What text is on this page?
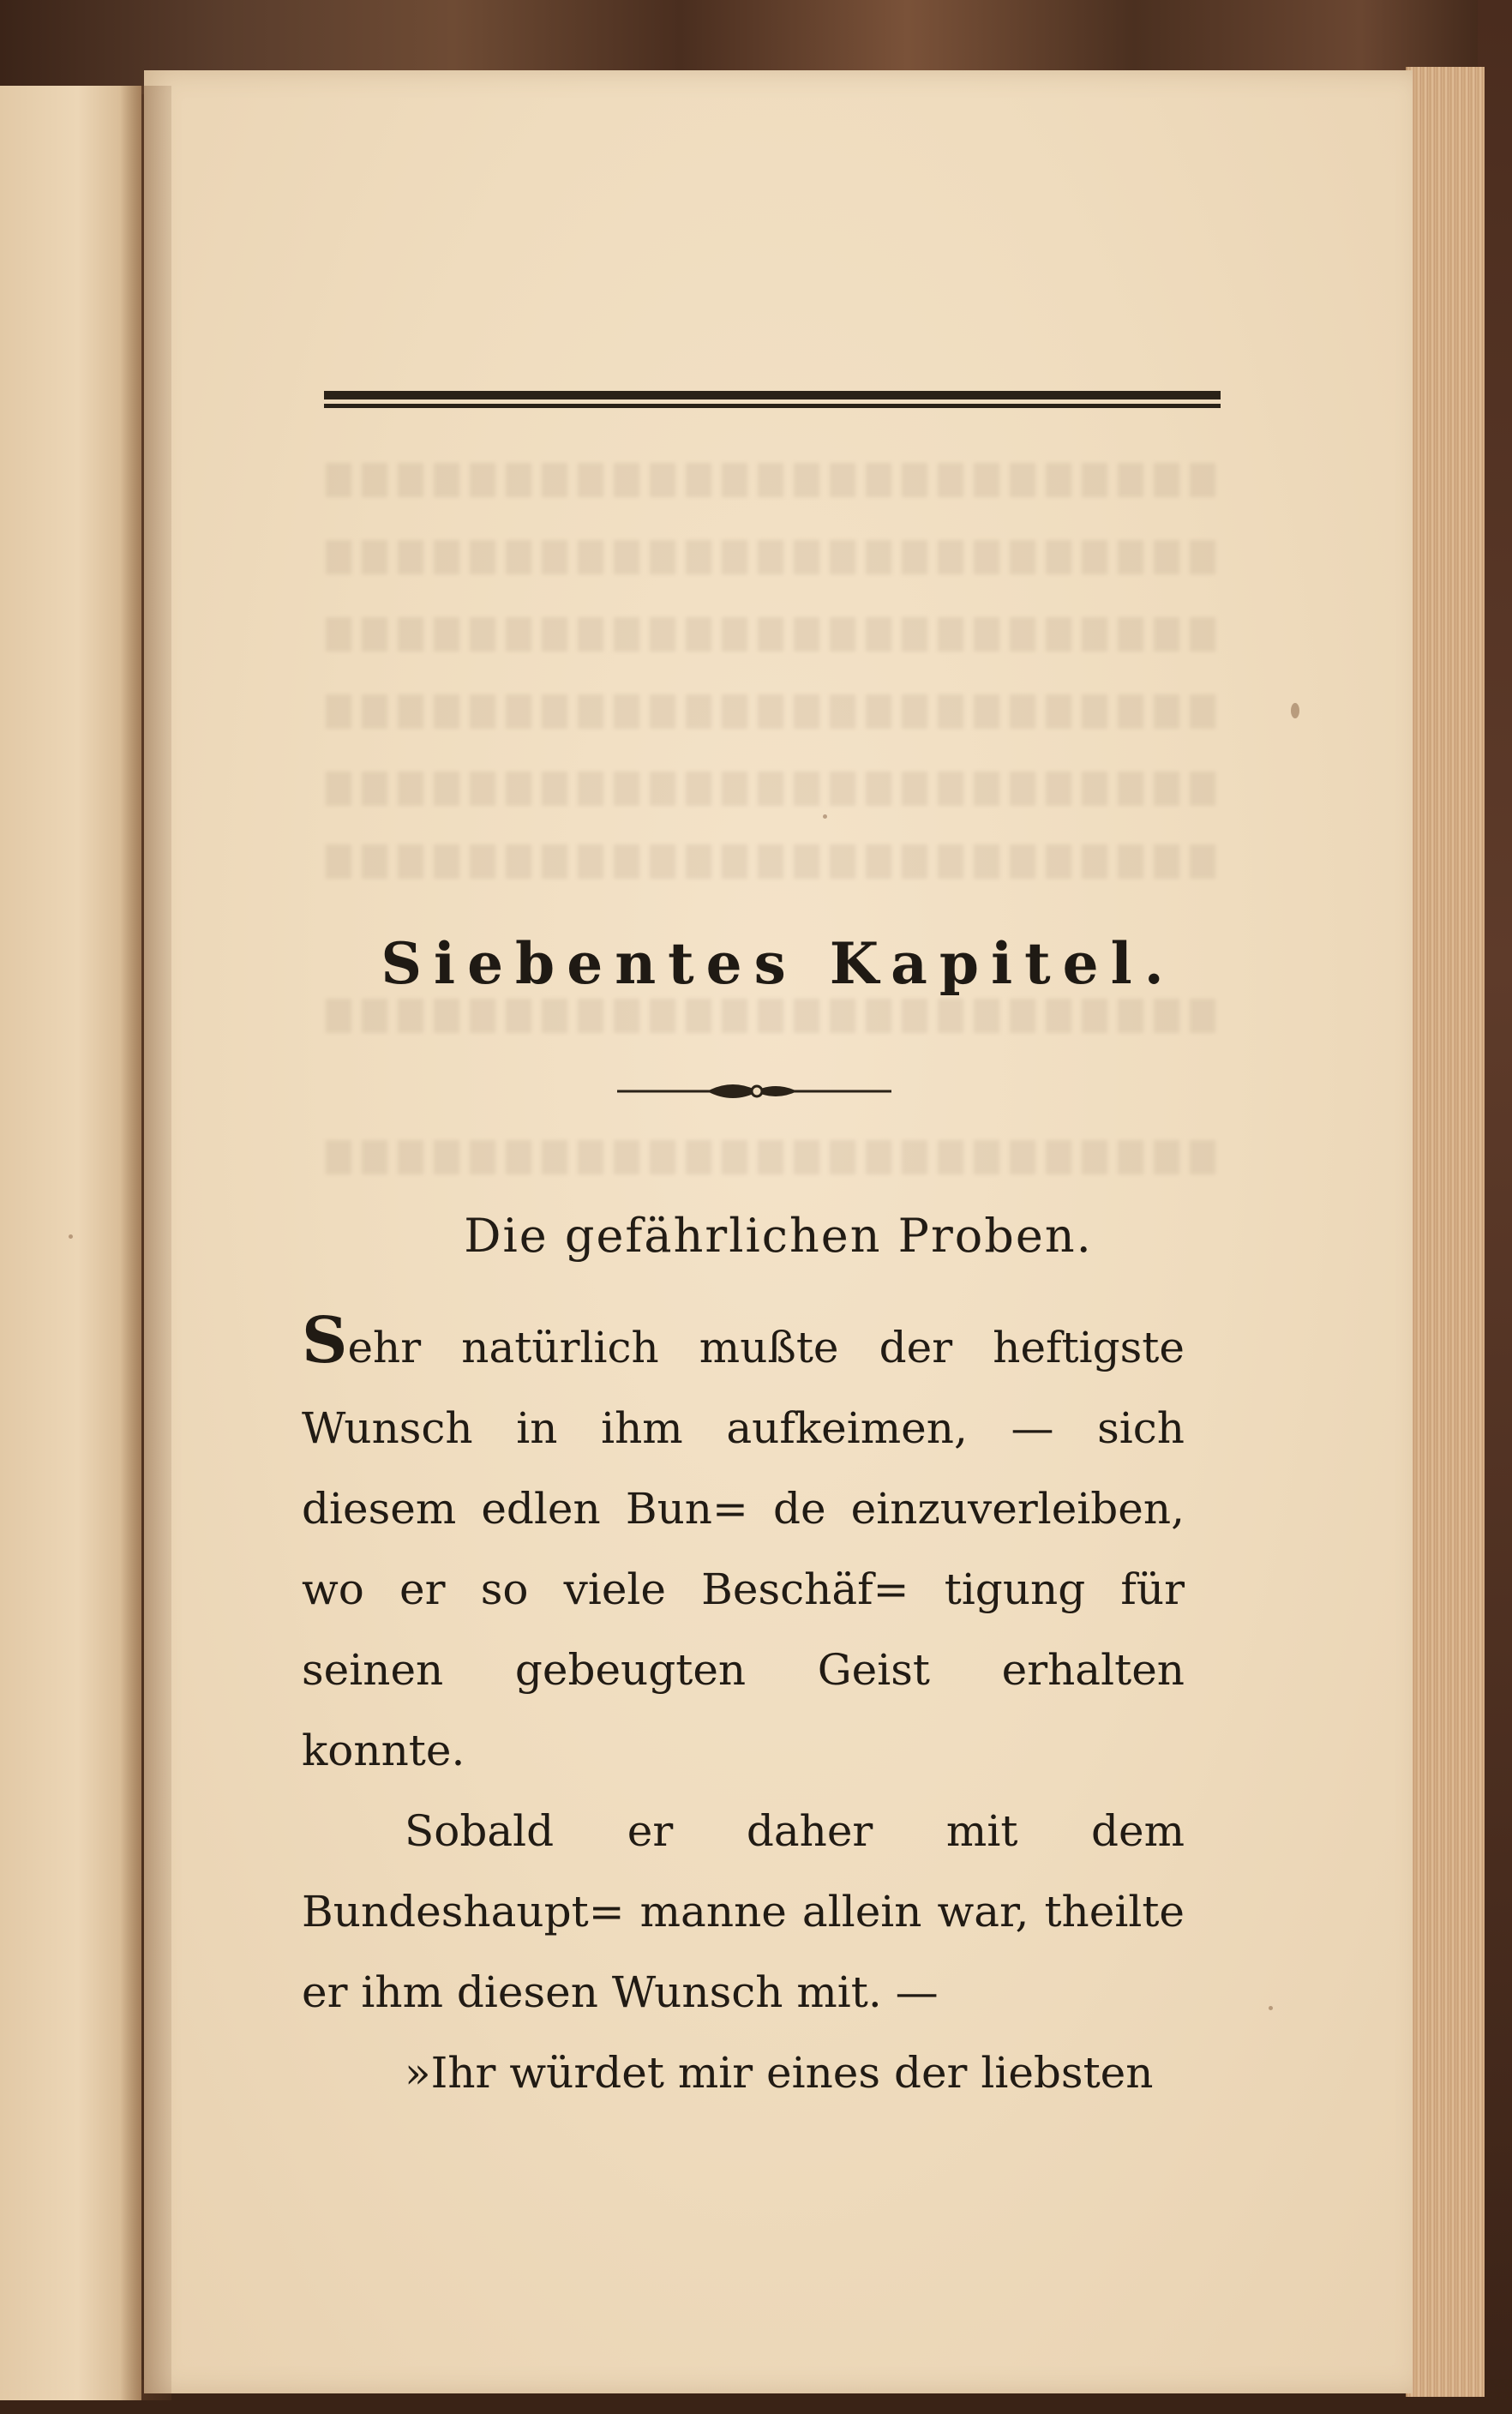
Siebentes Kapitel.
Die gefährlichen Proben.

Sehr natürlich mußte der heftigste Wunsch in ihm aufkeimen, — sich diesem edlen Bun= de einzuverleiben, wo er so viele Beschäf= tigung für seinen gebeugten Geist erhalten konnte.

Sobald er daher mit dem Bundeshaupt= manne allein war, theilte er ihm diesen Wunsch mit. —

»Ihr würdet mir eines der liebsten
